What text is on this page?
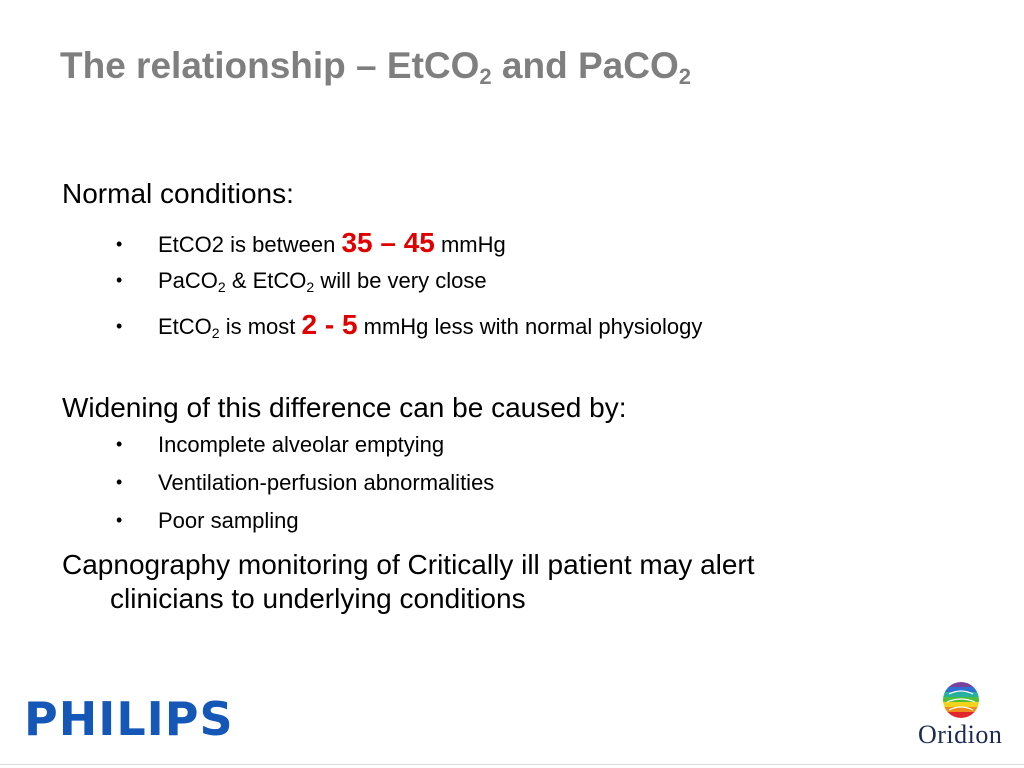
The relationship – EtCO$_2$ and PaCO$_2$
Normal conditions:
• EtCO2 is between 35 – 45 mmHg
• PaCO$_2$ & EtCO$_2$ will be very close
• EtCO$_2$ is most 2 - 5 mmHg less with normal physiology
Widening of this difference can be caused by:
• Incomplete alveolar emptying
• Ventilation-perfusion abnormalities
• Poor sampling
Capnography monitoring of Critically ill patient may alert
clinicians to underlying conditions
PHILIPS	Oridion
